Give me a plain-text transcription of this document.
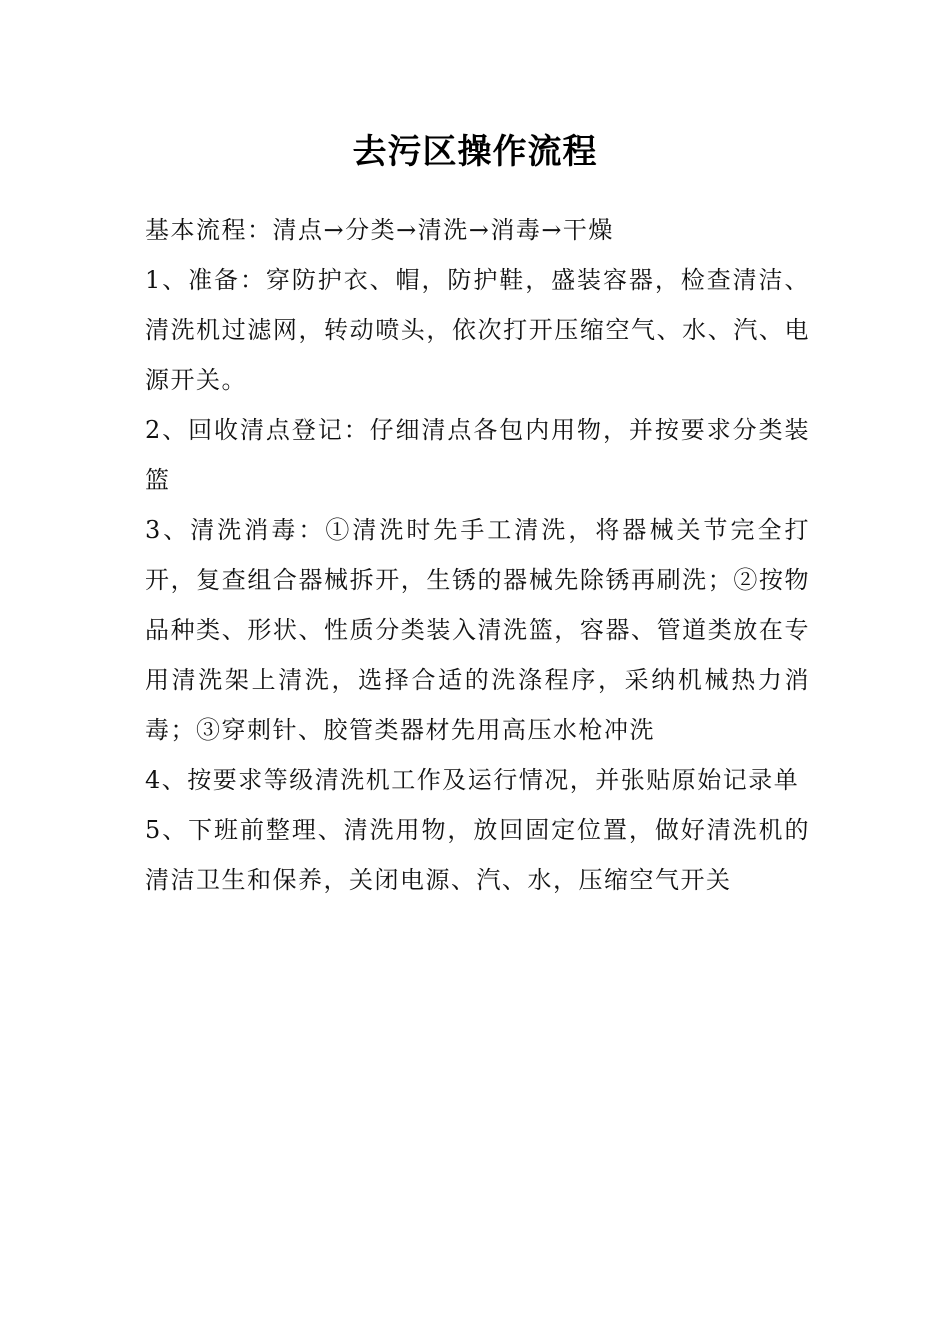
去污区操作流程

基本流程：清点→分类→清洗→消毒→干燥

1、准备：穿防护衣、帽，防护鞋，盛装容器，检查清洁、清洗机过滤网，转动喷头，依次打开压缩空气、水、汽、电源开关。

2、回收清点登记：仔细清点各包内用物，并按要求分类装篮

3、清洗消毒：①清洗时先手工清洗，将器械关节完全打开，复查组合器械拆开，生锈的器械先除锈再刷洗；②按物品种类、形状、性质分类装入清洗篮，容器、管道类放在专用清洗架上清洗，选择合适的洗涤程序，采纳机械热力消毒；③穿刺针、胶管类器材先用高压水枪冲洗

4、按要求等级清洗机工作及运行情况，并张贴原始记录单

5、下班前整理、清洗用物，放回固定位置，做好清洗机的清洁卫生和保养，关闭电源、汽、水，压缩空气开关
